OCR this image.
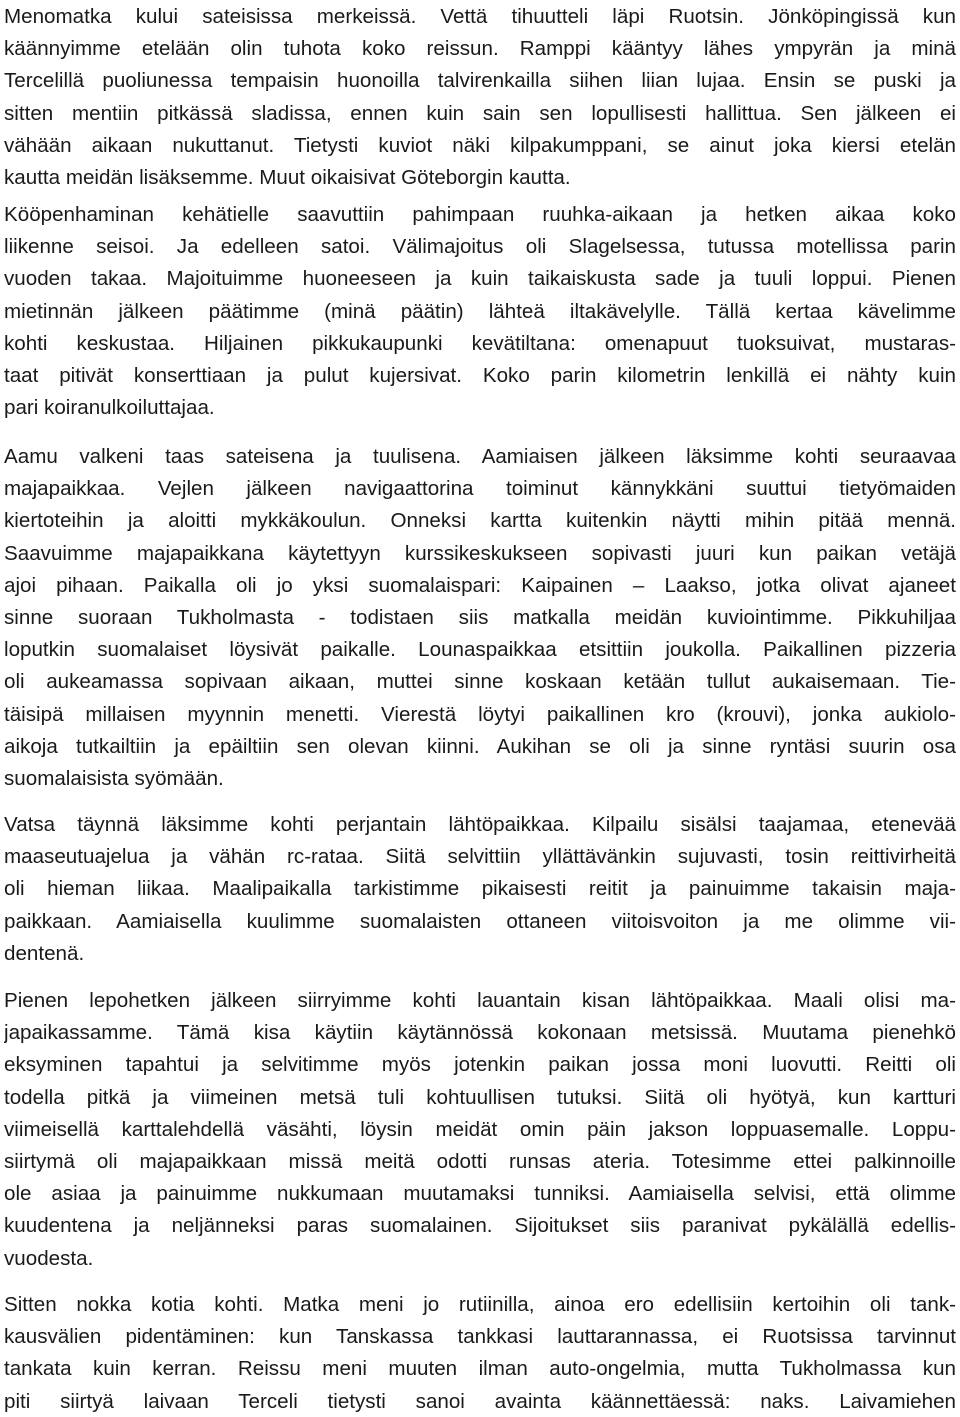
Menomatka kului sateisissa merkeissä. Vettä tihuutteli läpi Ruotsin. Jönköpingissä kun
käännyimme etelään olin tuhota koko reissun. Ramppi kääntyy lähes ympyrän ja minä
Tercelillä puoliunessa tempaisin huonoilla talvirenkailla siihen liian lujaa. Ensin se puski ja
sitten mentiin pitkässä sladissa, ennen kuin sain sen lopullisesti hallittua. Sen jälkeen ei
vähään aikaan nukuttanut. Tietysti kuviot näki kilpakumppani, se ainut joka kiersi etelän
kautta meidän lisäksemme. Muut oikaisivat Göteborgin kautta.
Kööpenhaminan kehätielle saavuttiin pahimpaan ruuhka-aikaan ja hetken aikaa koko
liikenne seisoi. Ja edelleen satoi. Välimajoitus oli Slagelsessa, tutussa motellissa parin
vuoden takaa. Majoituimme huoneeseen ja kuin taikaiskusta sade ja tuuli loppui. Pienen
mietinnän jälkeen päätimme (minä päätin) lähteä iltakävelylle. Tällä kertaa kävelimme
kohti keskustaa. Hiljainen pikkukaupunki kevätiltana: omenapuut tuoksuivat, mustaras-
taat pitivät konserttiaan ja pulut kujersivat. Koko parin kilometrin lenkillä ei nähty kuin
pari koiranulkoiluttajaa.
Aamu valkeni taas sateisena ja tuulisena. Aamiaisen jälkeen läksimme kohti seuraavaa
majapaikkaa. Vejlen jälkeen navigaattorina toiminut kännykkäni suuttui tietyömaiden
kiertoteihin ja aloitti mykkäkoulun. Onneksi kartta kuitenkin näytti mihin pitää mennä.
Saavuimme majapaikkana käytettyyn kurssikeskukseen sopivasti juuri kun paikan vetäjä
ajoi pihaan. Paikalla oli jo yksi suomalaispari: Kaipainen – Laakso, jotka olivat ajaneet
sinne suoraan Tukholmasta - todistaen siis matkalla meidän kuviointimme. Pikkuhiljaa
loputkin suomalaiset löysivät paikalle. Lounaspaikkaa etsittiin joukolla. Paikallinen pizzeria
oli aukeamassa sopivaan aikaan, muttei sinne koskaan ketään tullut aukaisemaan. Tie-
täisipä millaisen myynnin menetti. Vierestä löytyi paikallinen kro (krouvi), jonka aukiolo-
aikoja tutkailtiin ja epäiltiin sen olevan kiinni. Aukihan se oli ja sinne ryntäsi suurin osa
suomalaisista syömään.
Vatsa täynnä läksimme kohti perjantain lähtöpaikkaa. Kilpailu sisälsi taajamaa, etenevää
maaseutuajelua ja vähän rc-rataa. Siitä selvittiin yllättävänkin sujuvasti, tosin reittivirheitä
oli hieman liikaa. Maalipaikalla tarkistimme pikaisesti reitit ja painuimme takaisin maja-
paikkaan. Aamiaisella kuulimme suomalaisten ottaneen viitoisvoiton ja me olimme vii-
dentenä.
Pienen lepohetken jälkeen siirryimme kohti lauantain kisan lähtöpaikkaa. Maali olisi ma-
japaikassamme. Tämä kisa käytiin käytännössä kokonaan metsissä. Muutama pienehkö
eksyminen tapahtui ja selvitimme myös jotenkin paikan jossa moni luovutti. Reitti oli
todella pitkä ja viimeinen metsä tuli kohtuullisen tutuksi. Siitä oli hyötyä, kun kartturi
viimeisellä karttalehdellä väsähti, löysin meidät omin päin jakson loppuasemalle. Loppu-
siirtymä oli majapaikkaan missä meitä odotti runsas ateria. Totesimme ettei palkinnoille
ole asiaa ja painuimme nukkumaan muutamaksi tunniksi. Aamiaisella selvisi, että olimme
kuudentena ja neljänneksi paras suomalainen. Sijoitukset siis paranivat pykälällä edellis-
vuodesta.
Sitten nokka kotia kohti. Matka meni jo rutiinilla, ainoa ero edellisiin kertoihin oli tank-
kausvälien pidentäminen: kun Tanskassa tankkasi lauttarannassa, ei Ruotsissa tarvinnut
tankata kuin kerran. Reissu meni muuten ilman auto-ongelmia, mutta Tukholmassa kun
piti siirtyä laivaan Terceli tietysti sanoi avainta käännettäessä: naks. Laivamiehen
